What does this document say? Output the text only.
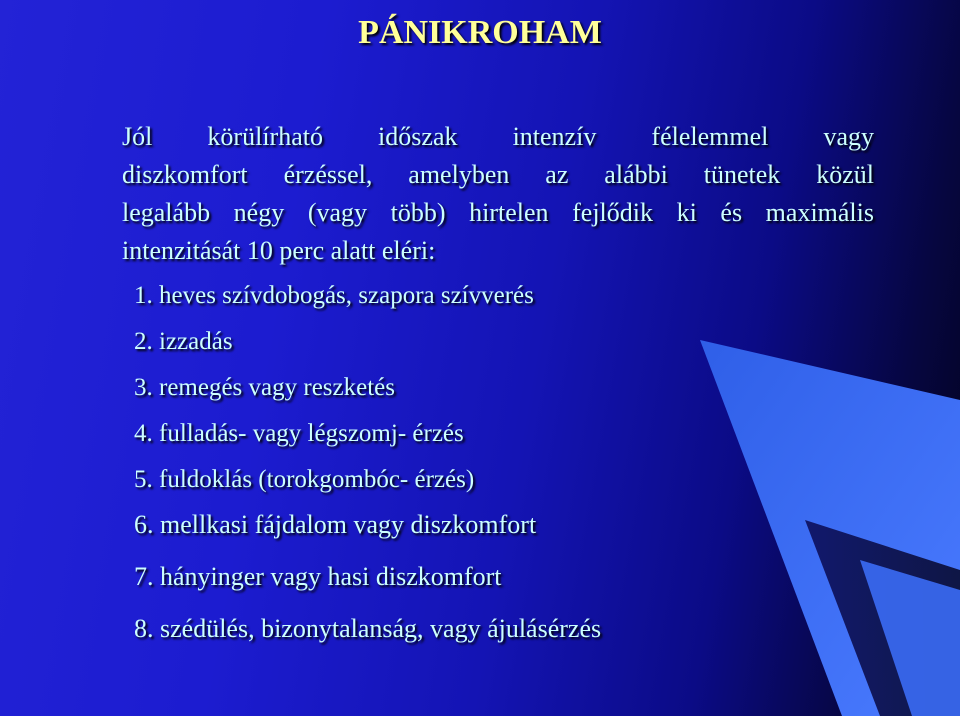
PÁNIKROHAM
Jól körülírható időszak intenzív félelemmel vagy
diszkomfort érzéssel, amelyben az alábbi tünetek közül
legalább négy (vagy több) hirtelen fejlődik ki és maximális
intenzitását 10 perc alatt eléri:
1. heves szívdobogás, szapora szívverés
2. izzadás
3. remegés vagy reszketés
4. fulladás- vagy légszomj- érzés
5. fuldoklás (torokgombóc- érzés)
6. mellkasi fájdalom vagy diszkomfort
7. hányinger vagy hasi diszkomfort
8. szédülés, bizonytalanság, vagy ájulásérzés
